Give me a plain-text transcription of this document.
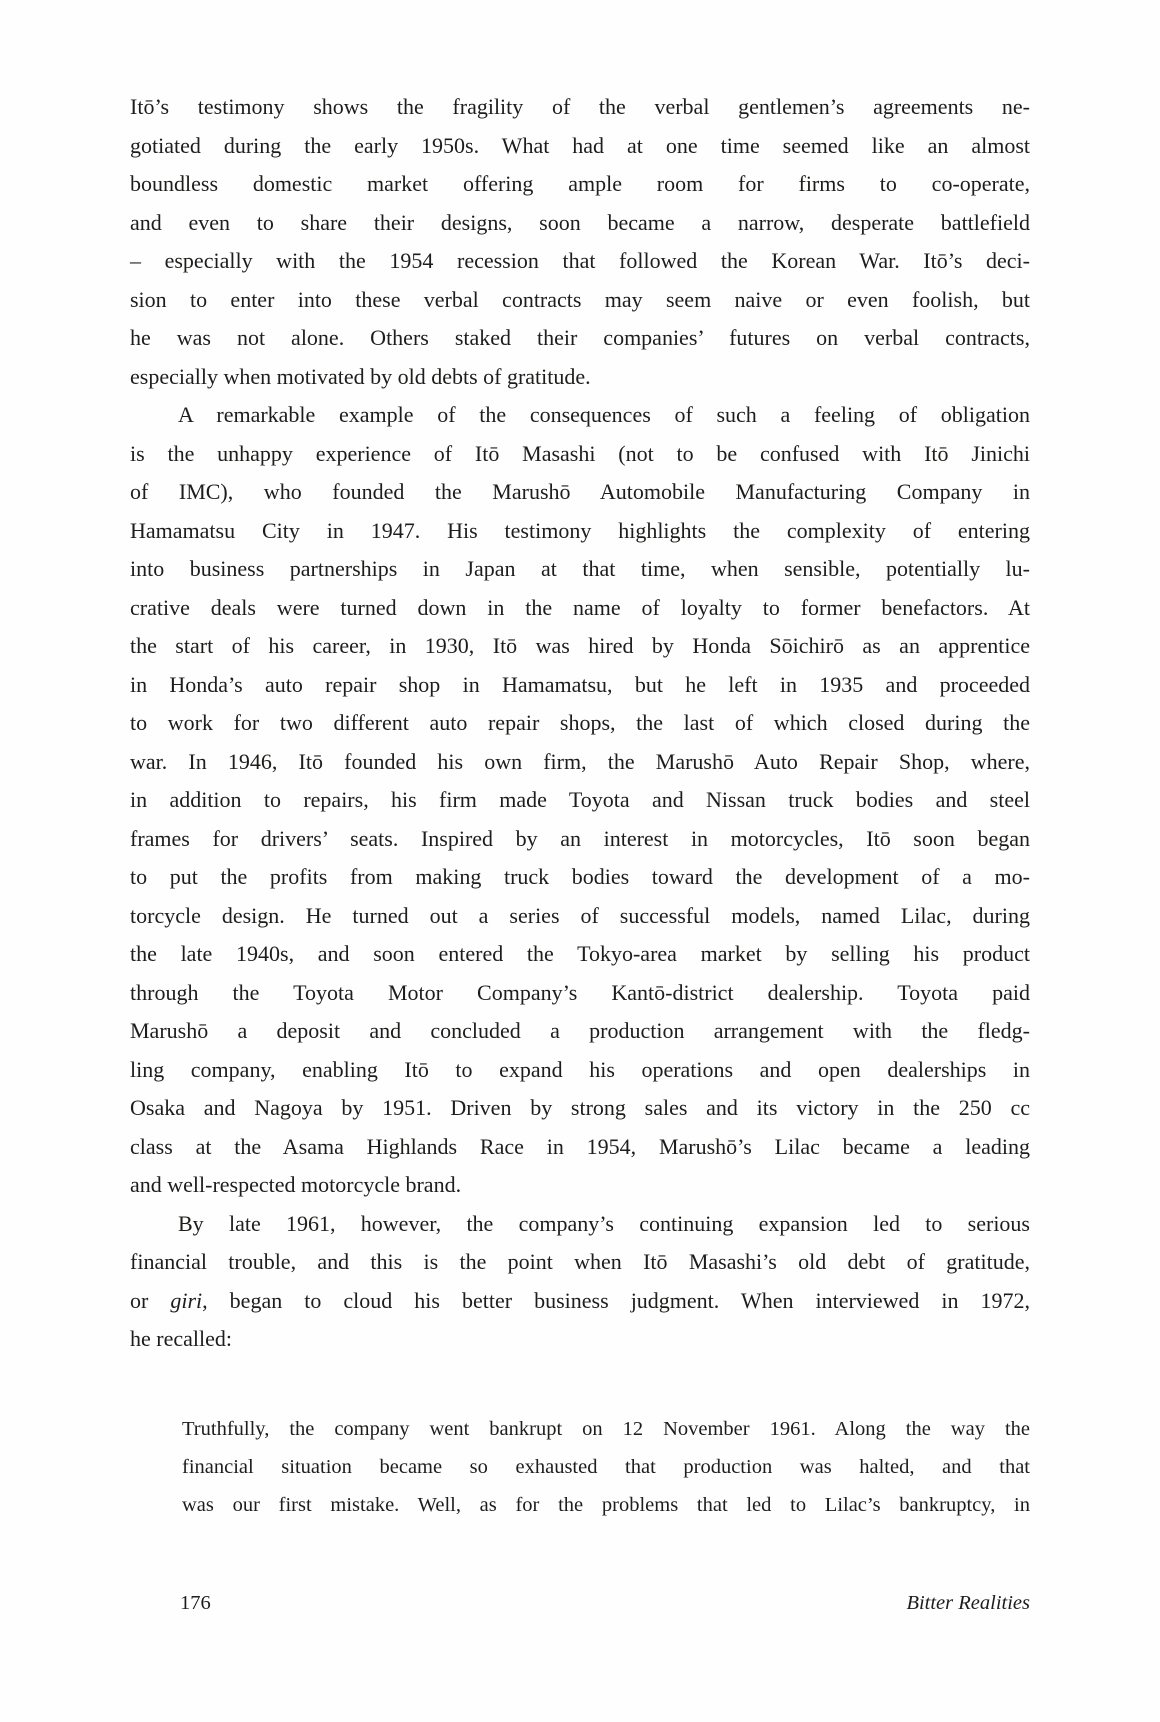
Itō’s testimony shows the fragility of the verbal gentlemen’s agreements ne-
gotiated during the early 1950s. What had at one time seemed like an almost
boundless domestic market offering ample room for firms to co-operate,
and even to share their designs, soon became a narrow, desperate battlefield
– especially with the 1954 recession that followed the Korean War. Itō’s deci-
sion to enter into these verbal contracts may seem naive or even foolish, but
he was not alone. Others staked their companies’ futures on verbal contracts,
especially when motivated by old debts of gratitude.
A remarkable example of the consequences of such a feeling of obligation
is the unhappy experience of Itō Masashi (not to be confused with Itō Jinichi
of IMC), who founded the Marushō Automobile Manufacturing Company in
Hamamatsu City in 1947. His testimony highlights the complexity of entering
into business partnerships in Japan at that time, when sensible, potentially lu-
crative deals were turned down in the name of loyalty to former benefactors. At
the start of his career, in 1930, Itō was hired by Honda Sōichirō as an apprentice
in Honda’s auto repair shop in Hamamatsu, but he left in 1935 and proceeded
to work for two different auto repair shops, the last of which closed during the
war. In 1946, Itō founded his own firm, the Marushō Auto Repair Shop, where,
in addition to repairs, his firm made Toyota and Nissan truck bodies and steel
frames for drivers’ seats. Inspired by an interest in motorcycles, Itō soon began
to put the profits from making truck bodies toward the development of a mo-
torcycle design. He turned out a series of successful models, named Lilac, during
the late 1940s, and soon entered the Tokyo-area market by selling his product
through the Toyota Motor Company’s Kantō-district dealership. Toyota paid
Marushō a deposit and concluded a production arrangement with the fledg-
ling company, enabling Itō to expand his operations and open dealerships in
Osaka and Nagoya by 1951. Driven by strong sales and its victory in the 250 cc
class at the Asama Highlands Race in 1954, Marushō’s Lilac became a leading
and well-respected motorcycle brand.
By late 1961, however, the company’s continuing expansion led to serious
financial trouble, and this is the point when Itō Masashi’s old debt of gratitude,
or giri, began to cloud his better business judgment. When interviewed in 1972,
he recalled:
Truthfully, the company went bankrupt on 12 November 1961. Along the way the
financial situation became so exhausted that production was halted, and that
was our first mistake. Well, as for the problems that led to Lilac’s bankruptcy, in
176	Bitter Realities
